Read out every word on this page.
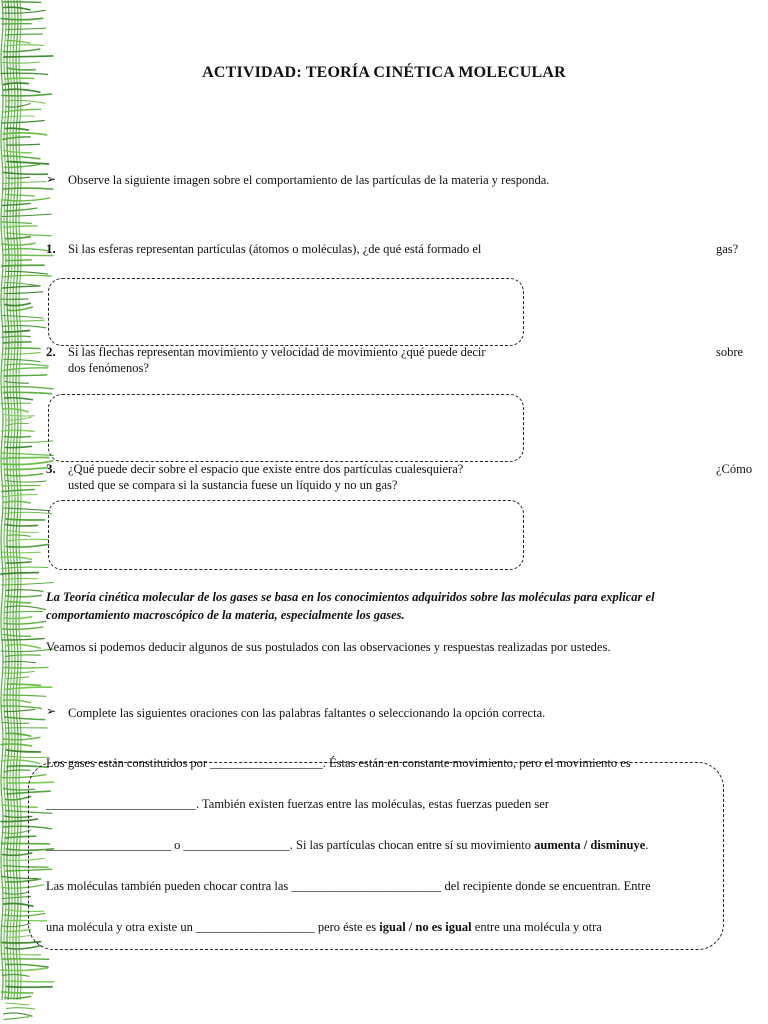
ACTIVIDAD: TEORÍA CINÉTICA MOLECULAR
➢ Observe la siguiente imagen sobre el comportamiento de las partículas de la materia y responda.
1. Si las esferas representan partículas (átomos o moléculas), ¿de qué está formado el	gas?
2. Si las flechas representan movimiento y velocidad de movimiento ¿qué puede decir	sobre
dos fenómenos?
3. ¿Qué puede decir sobre el espacio que existe entre dos partículas cualesquiera?	¿Cómo
usted que se compara si la sustancia fuese un líquido y no un gas?
La Teoría cinética molecular de los gases se basa en los conocimientos adquiridos sobre las moléculas para explicar el comportamiento macroscópico de la materia, especialmente los gases.
Veamos si podemos deducir algunos de sus postulados con las observaciones y respuestas realizadas por ustedes.
➢ Complete las siguientes oraciones con las palabras faltantes o seleccionando la opción correcta.
Los gases están constituidos por __________________. Éstas están en constante movimiento, pero el movimiento es
________________________. También existen fuerzas entre las moléculas, estas fuerzas pueden ser
____________________ o _________________. Si las partículas chocan entre sí su movimiento aumenta / disminuye.
Las moléculas también pueden chocar contra las ________________________ del recipiente donde se encuentran. Entre
una molécula y otra existe un ___________________ pero éste es igual / no es igual entre una molécula y otra
